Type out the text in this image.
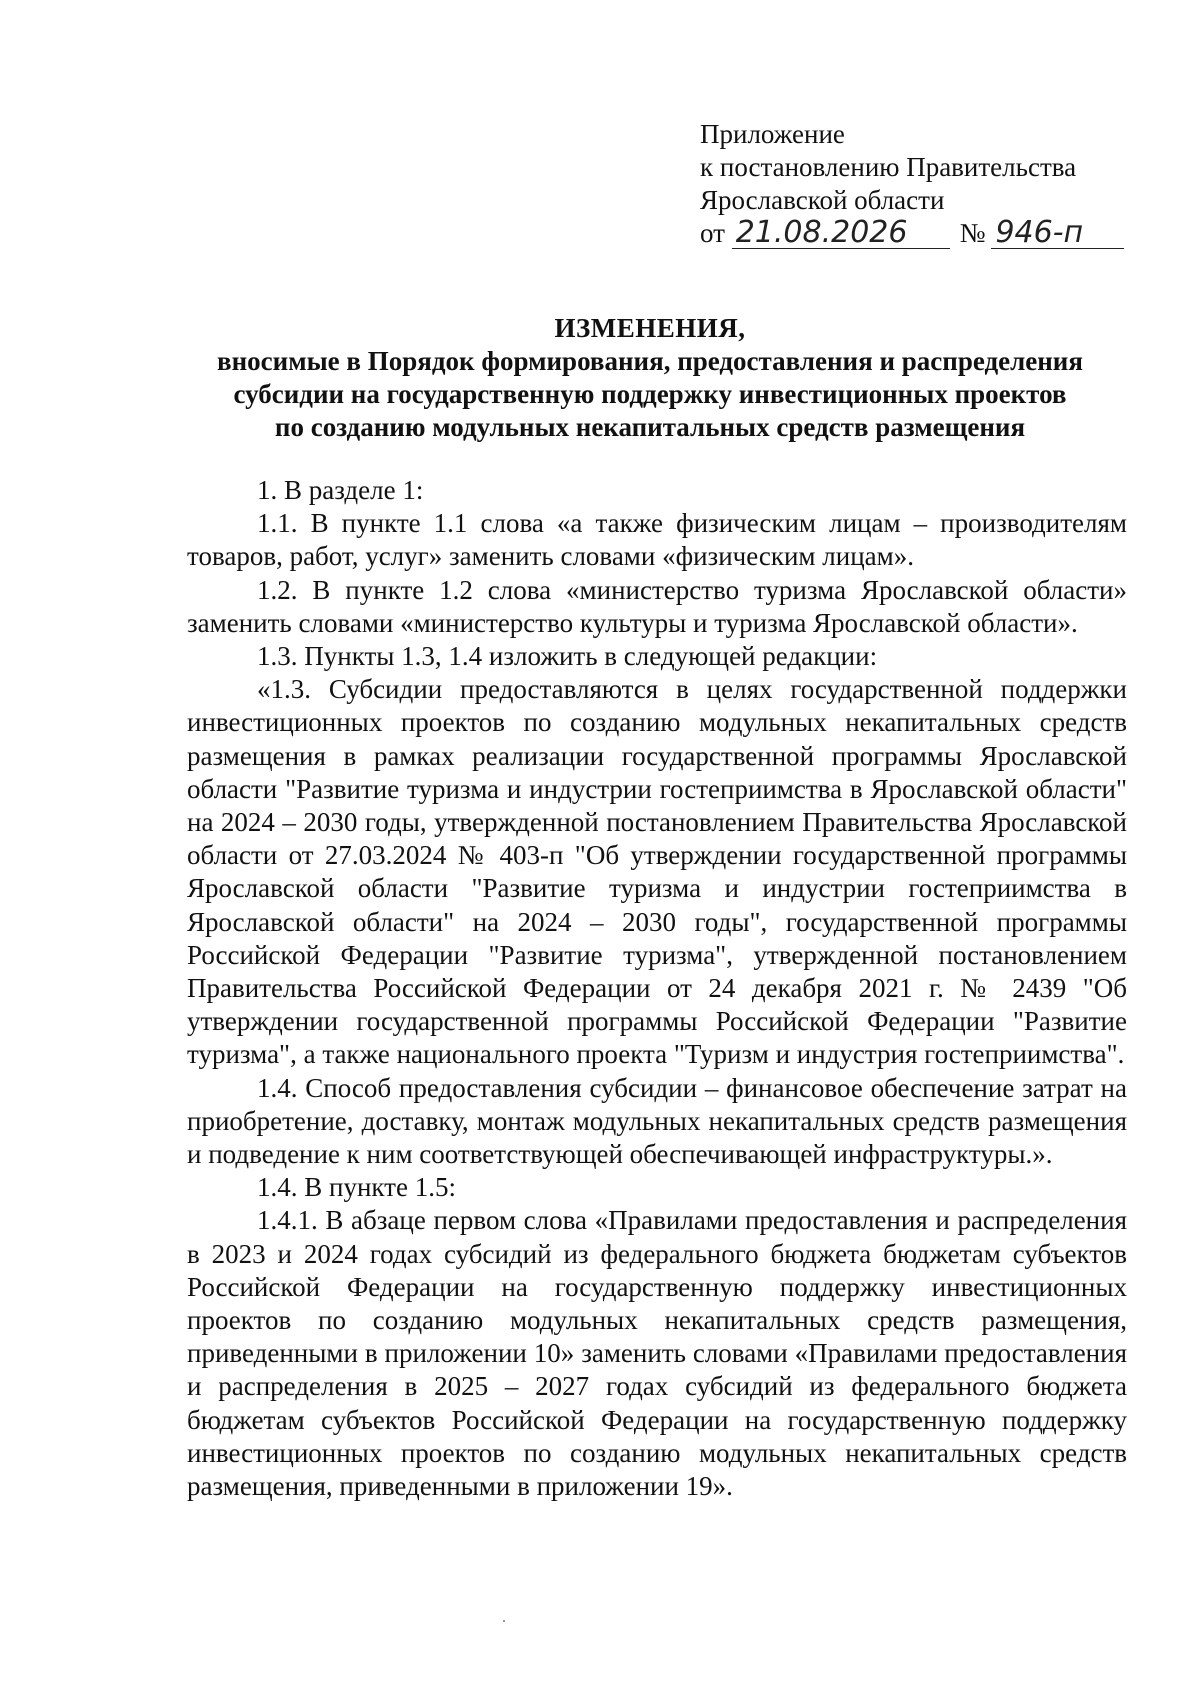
Приложение
к постановлению Правительства
Ярославской области
от 21.08.2026 № 946-п
ИЗМЕНЕНИЯ,
вносимые в Порядок формирования, предоставления и распределения
субсидии на государственную поддержку инвестиционных проектов
по созданию модульных некапитальных средств размещения

1. В разделе 1:

1.1. В пункте 1.1 слова «а также физическим лицам – производителям товаров, работ, услуг» заменить словами «физическим лицам».

1.2. В пункте 1.2 слова «министерство туризма Ярославской области» заменить словами «министерство культуры и туризма Ярославской области».

1.3. Пункты 1.3, 1.4 изложить в следующей редакции:

«1.3. Субсидии предоставляются в целях государственной поддержки инвестиционных проектов по созданию модульных некапитальных средств размещения в рамках реализации государственной программы Ярославской области "Развитие туризма и индустрии гостеприимства в Ярославской области" на 2024 – 2030 годы, утвержденной постановлением Правительства Ярославской области от 27.03.2024 № 403-п "Об утверждении государственной программы Ярославской области "Развитие туризма и индустрии гостеприимства в Ярославской области" на 2024 – 2030 годы", государственной программы Российской Федерации "Развитие туризма", утвержденной постановлением Правительства Российской Федерации от 24 декабря 2021 г. № 2439 "Об утверждении государственной программы Российской Федерации "Развитие туризма", а также национального проекта "Туризм и индустрия гостеприимства".

1.4. Способ предоставления субсидии – финансовое обеспечение затрат на приобретение, доставку, монтаж модульных некапитальных средств размещения и подведение к ним соответствующей обеспечивающей инфраструктуры.».

1.4. В пункте 1.5:

1.4.1. В абзаце первом слова «Правилами предоставления и распределения в 2023 и 2024 годах субсидий из федерального бюджета бюджетам субъектов Российской Федерации на государственную поддержку инвестиционных проектов по созданию модульных некапитальных средств размещения, приведенными в приложении 10» заменить словами «Правилами предоставления и распределения в 2025 – 2027 годах субсидий из федерального бюджета бюджетам субъектов Российской Федерации на государственную поддержку инвестиционных проектов по созданию модульных некапитальных средств размещения, приведенными в приложении 19».
